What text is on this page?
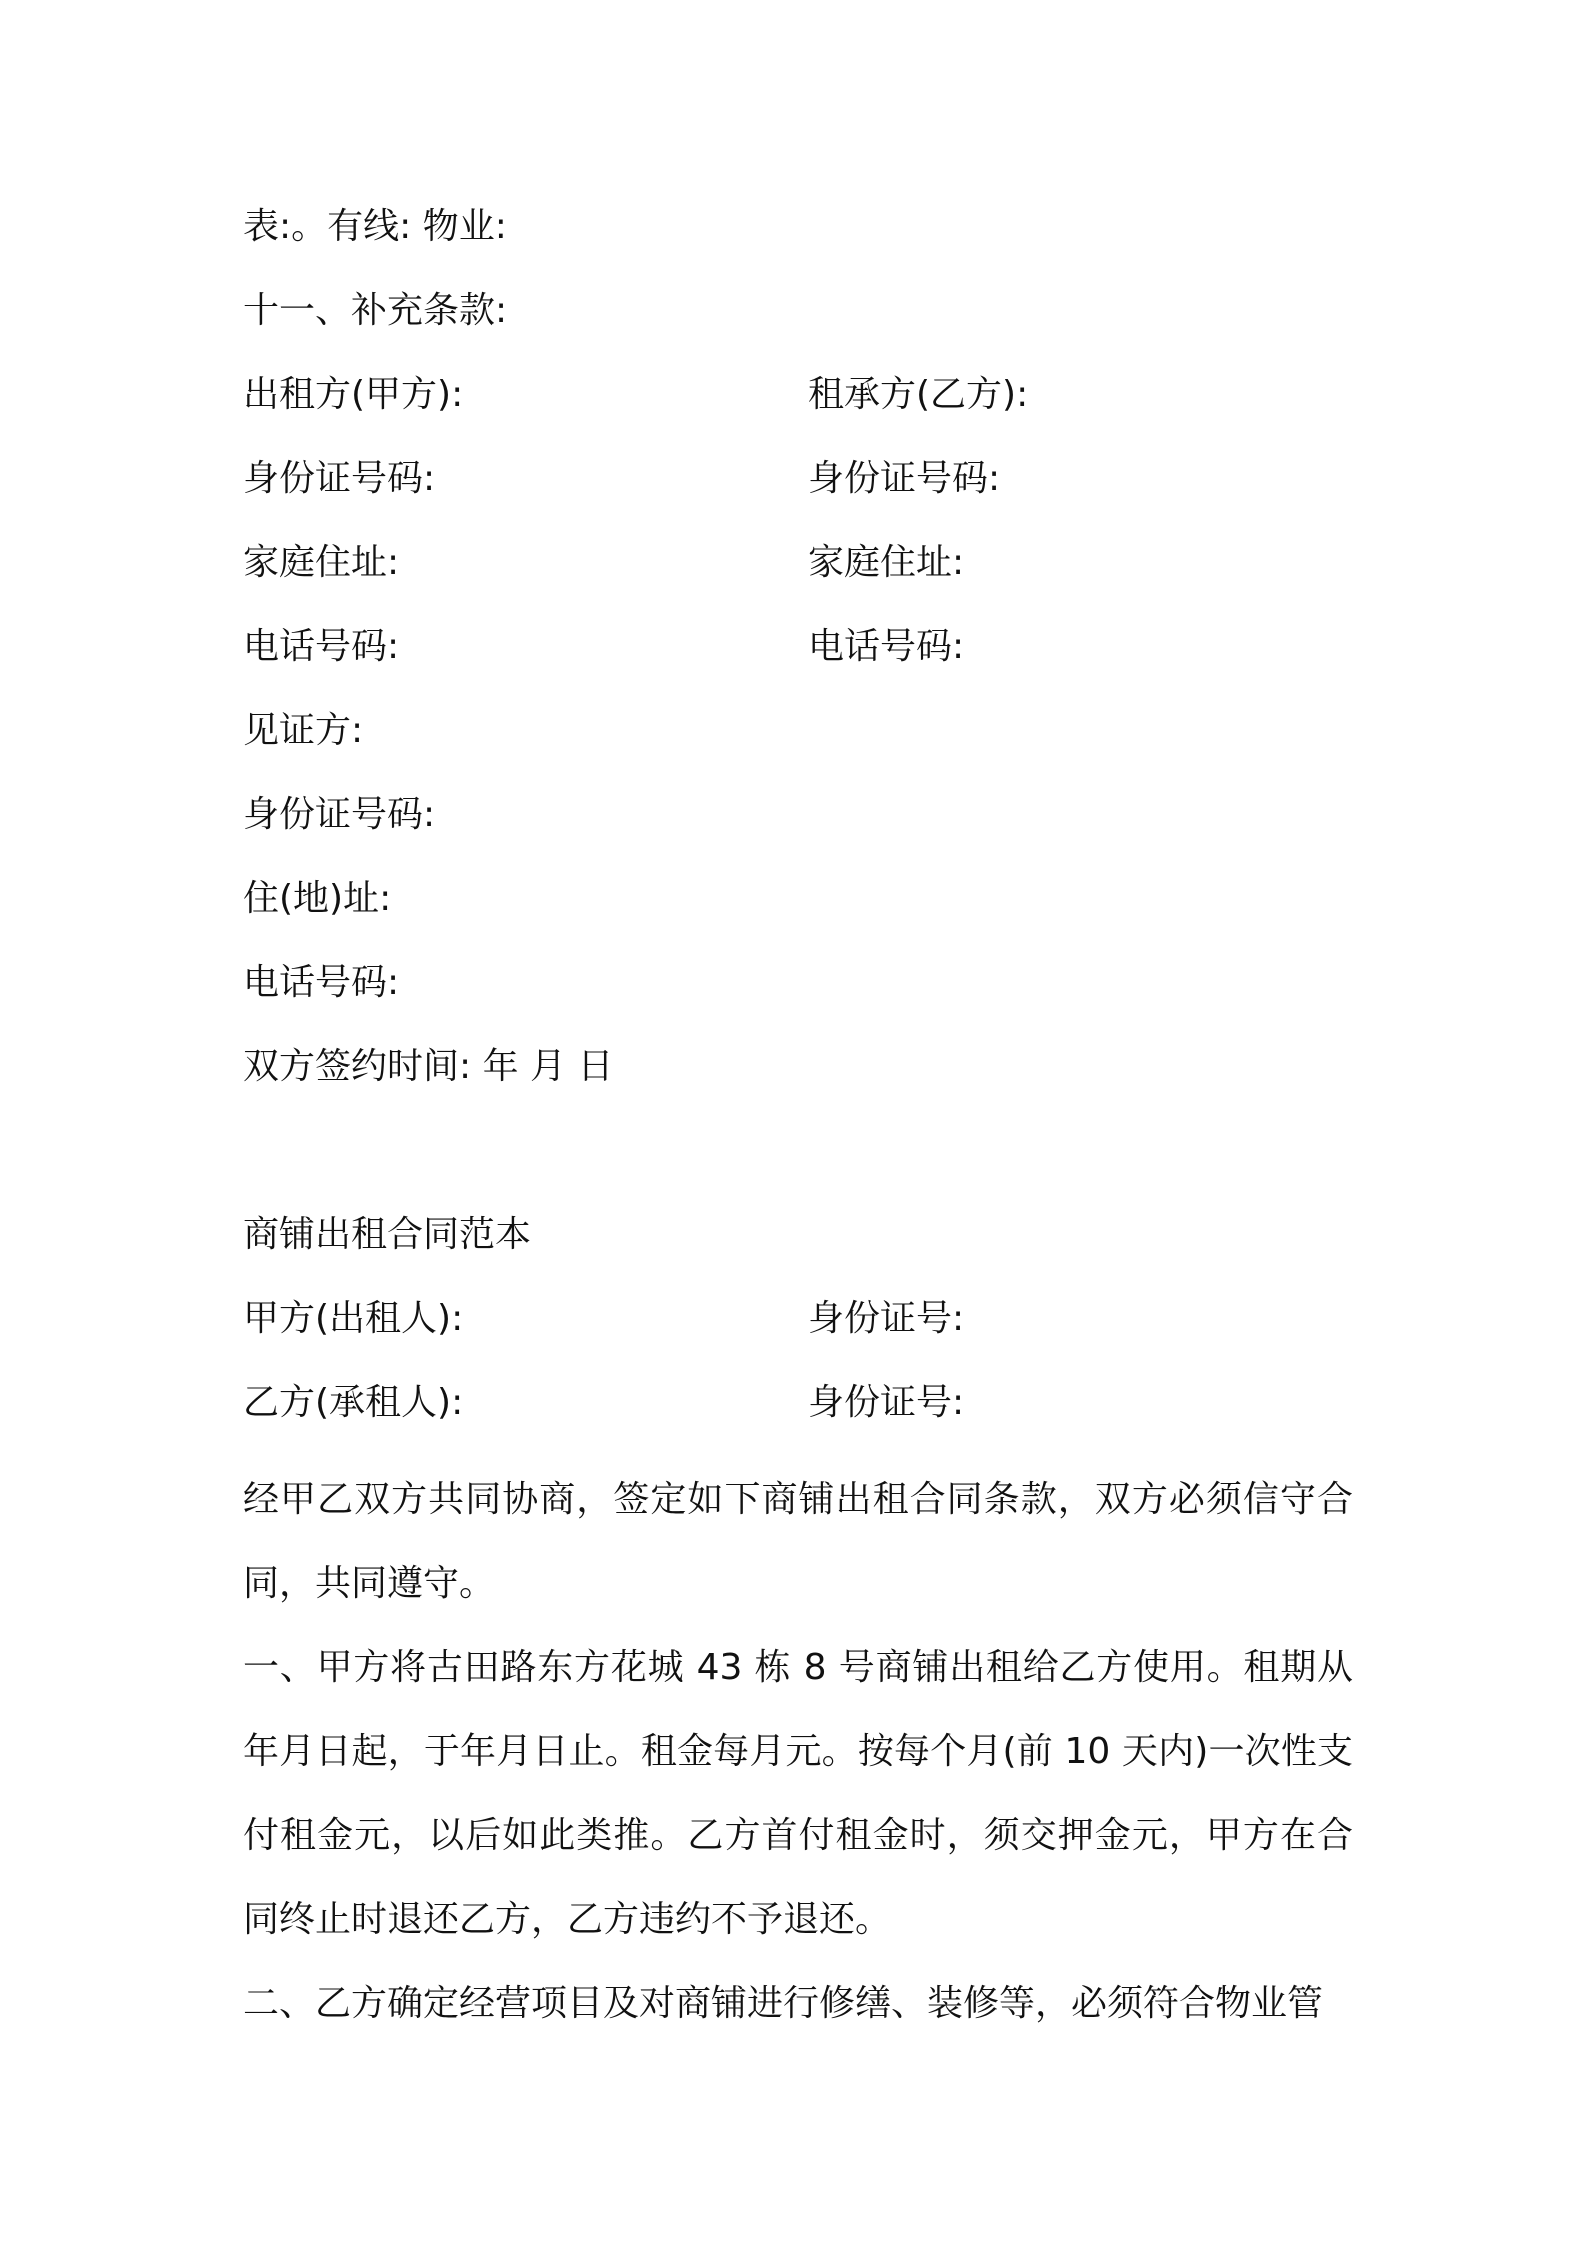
表:。有线: 物业:
十一、补充条款:
出租方(甲方):	租承方(乙方):
身份证号码:	身份证号码:
家庭住址:	家庭住址:
电话号码:	电话号码:
见证方:
身份证号码:
住(地)址:
电话号码:
双方签约时间: 年 月 日
商铺出租合同范本
甲方(出租人):	身份证号:
乙方(承租人):	身份证号:

经甲乙双方共同协商，签定如下商铺出租合同条款，双方必须信守合同，共同遵守。

一、甲方将古田路东方花城 43 栋 8 号商铺出租给乙方使用。租期从年月日起，于年月日止。租金每月元。按每个月(前 10 天内)一次性支付租金元，以后如此类推。乙方首付租金时，须交押金元，甲方在合同终止时退还乙方，乙方违约不予退还。

二、乙方确定经营项目及对商铺进行修缮、装修等，必须符合物业管
